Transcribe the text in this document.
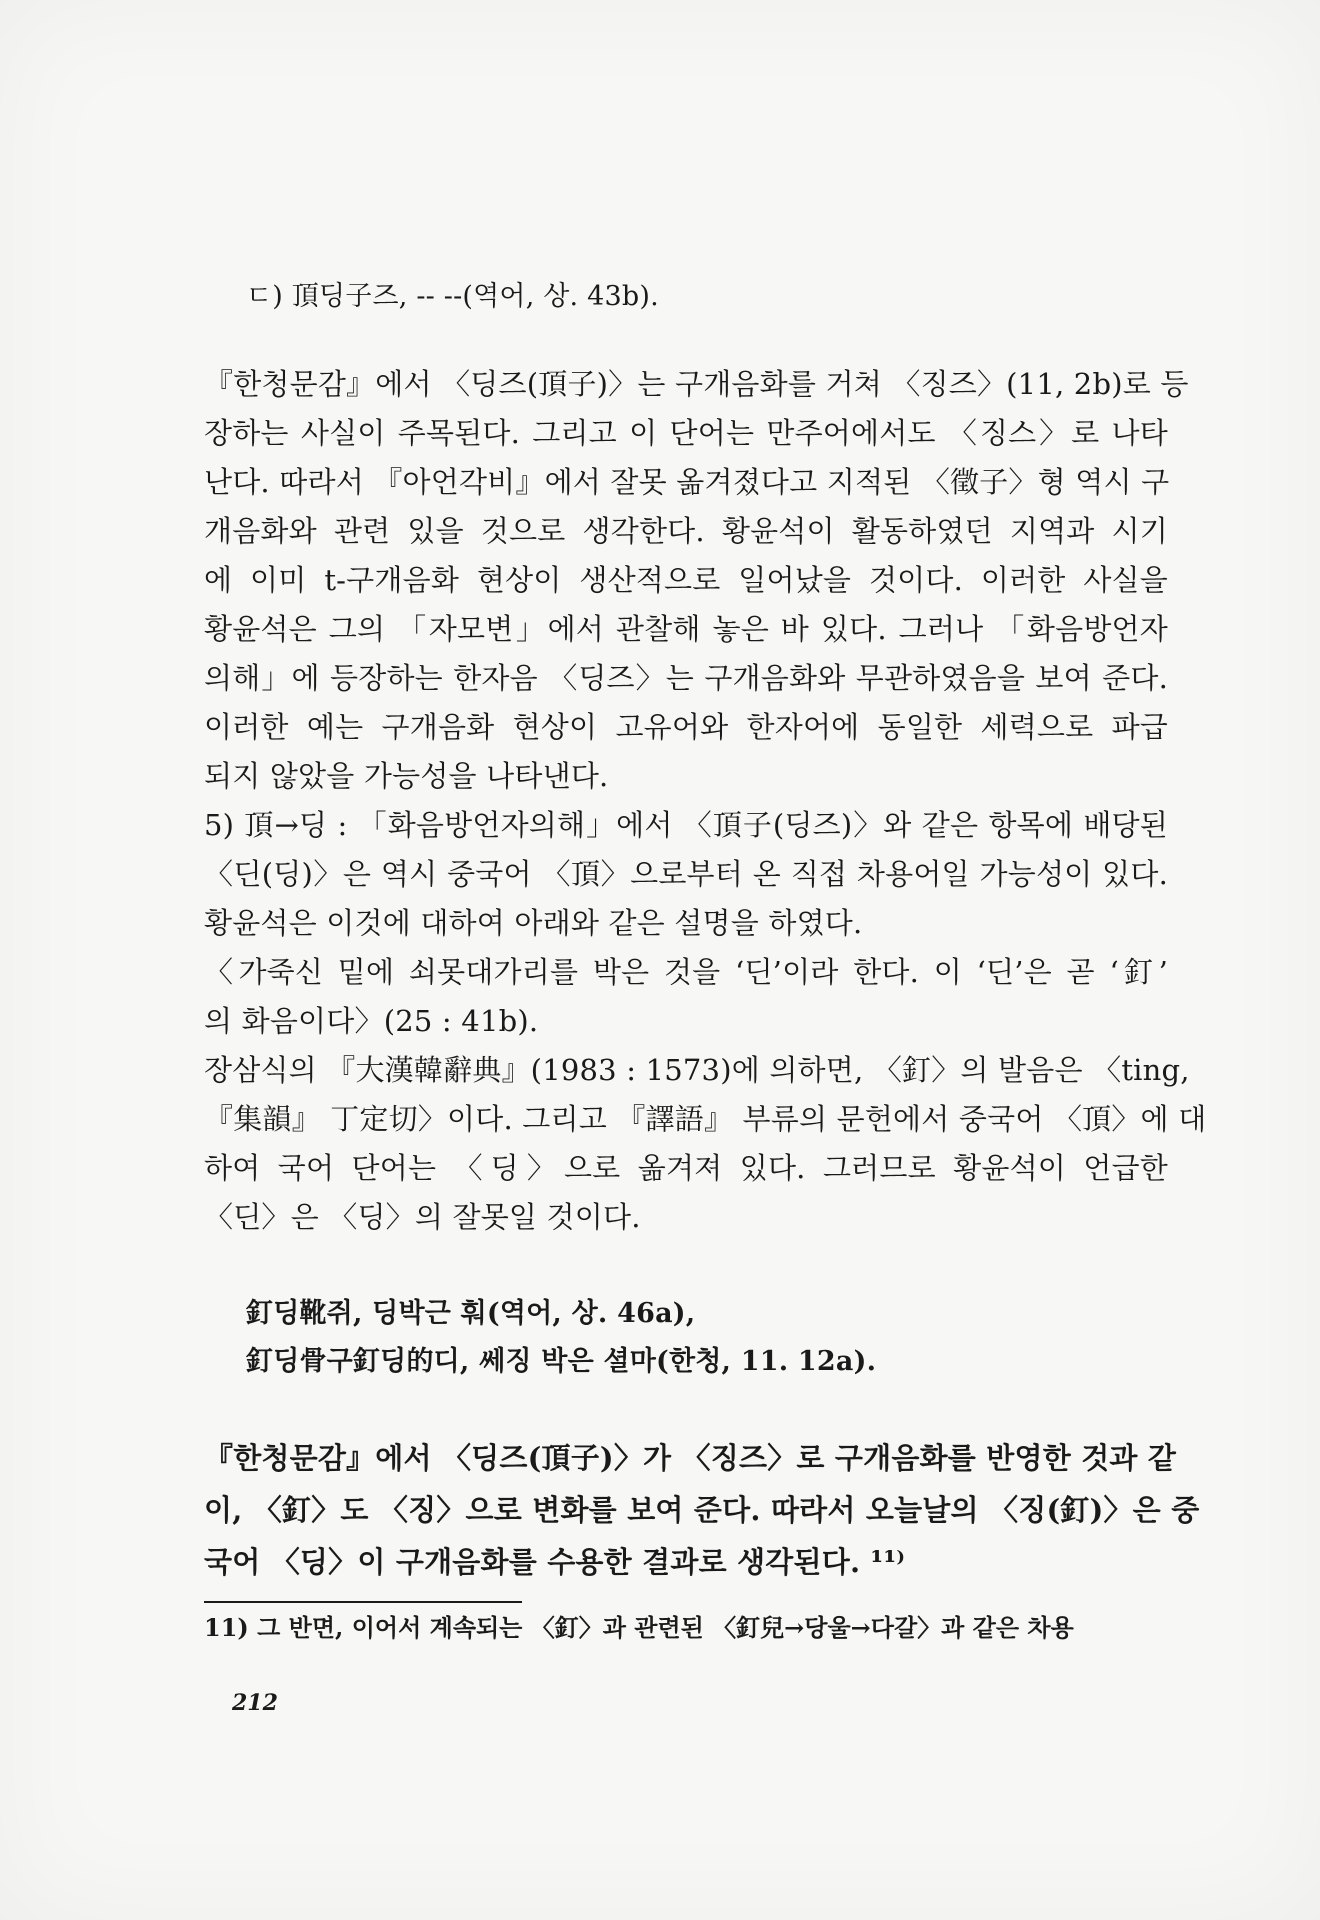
ㄷ) 頂딩子즈, -- --(역어, 상. 43b).
『한청문감』에서 〈딩즈(頂子)〉는 구개음화를 거쳐 〈징즈〉(11, 2b)로 등
장하는 사실이 주목된다. 그리고 이 단어는 만주어에서도 〈징스〉로 나타
난다. 따라서 『아언각비』에서 잘못 옮겨졌다고 지적된 〈徵子〉형 역시 구
개음화와 관련 있을 것으로 생각한다. 황윤석이 활동하였던 지역과 시기
에 이미 t-구개음화 현상이 생산적으로 일어났을 것이다. 이러한 사실을
황윤석은 그의 「자모변」에서 관찰해 놓은 바 있다. 그러나 「화음방언자
의해」에 등장하는 한자음 〈딩즈〉는 구개음화와 무관하였음을 보여 준다.
이러한 예는 구개음화 현상이 고유어와 한자어에 동일한 세력으로 파급
되지 않았을 가능성을 나타낸다.
5) 頂→딩 : 「화음방언자의해」에서 〈頂子(딩즈)〉와 같은 항목에 배당된
〈딘(딩)〉은 역시 중국어 〈頂〉으로부터 온 직접 차용어일 가능성이 있다.
황윤석은 이것에 대하여 아래와 같은 설명을 하였다.
〈가죽신 밑에 쇠못대가리를 박은 것을 ‘딘’이라 한다. 이 ‘딘’은 곧 ‘釘’
의 화음이다〉(25 : 41b).
장삼식의 『大漢韓辭典』(1983 : 1573)에 의하면, 〈釘〉의 발음은 〈ting,
『集韻』 丁定切〉이다. 그리고 『譯語』 부류의 문헌에서 중국어 〈頂〉에 대
하여 국어 단어는 〈딩〉으로 옮겨져 있다. 그러므로 황윤석이 언급한
〈딘〉은 〈딩〉의 잘못일 것이다.
釘딩靴쥐, 딩박근 훠(역어, 상. 46a),
釘딩骨구釘딩的디, 쎄징 박은 셜마(한청, 11. 12a).
『한청문감』에서 〈딩즈(頂子)〉가 〈징즈〉로 구개음화를 반영한 것과 같
이, 〈釘〉도 〈징〉으로 변화를 보여 준다. 따라서 오늘날의 〈징(釘)〉은 중
국어 〈딩〉이 구개음화를 수용한 결과로 생각된다. ¹¹⁾
11) 그 반면, 이어서 계속되는 〈釘〉과 관련된 〈釘兒→당울→다갈〉과 같은 차용
212
